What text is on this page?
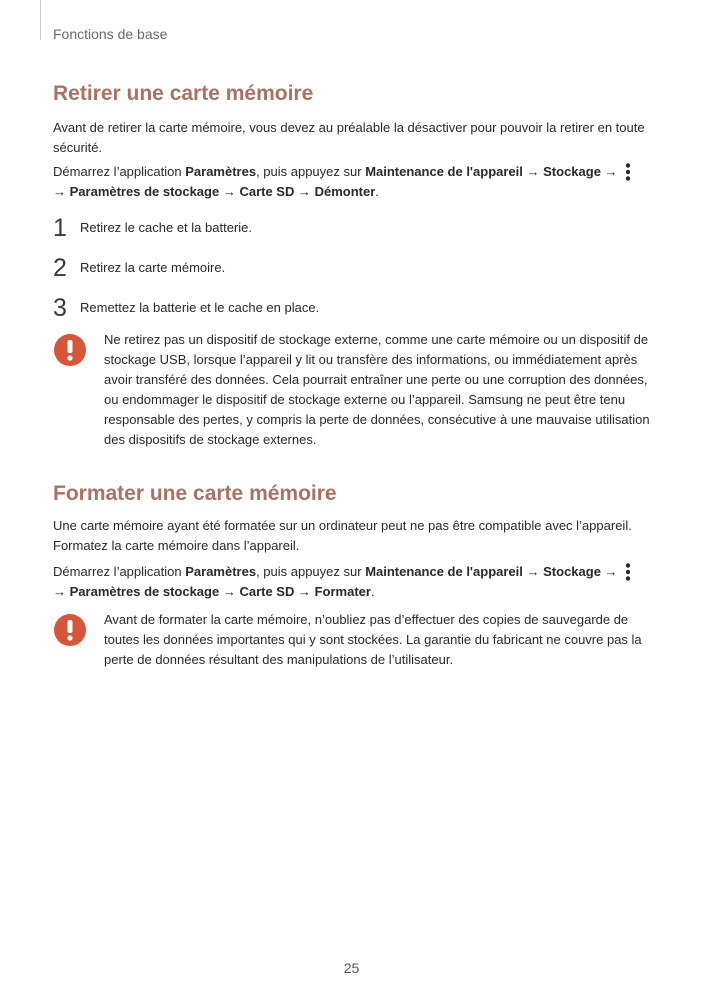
Fonctions de base
Retirer une carte mémoire
Avant de retirer la carte mémoire, vous devez au préalable la désactiver pour pouvoir la retirer en toute sécurité.
Démarrez l’application Paramètres, puis appuyez sur Maintenance de l'appareil → Stockage →

→ Paramètres de stockage → Carte SD → Démonter.
1 Retirez le cache et la batterie.
2 Retirez la carte mémoire.
3 Remettez la batterie et le cache en place.
Ne retirez pas un dispositif de stockage externe, comme une carte mémoire ou un dispositif de stockage USB, lorsque l’appareil y lit ou transfère des informations, ou immédiatement après avoir transféré des données. Cela pourrait entraîner une perte ou une corruption des données, ou endommager le dispositif de stockage externe ou l’appareil. Samsung ne peut être tenu responsable des pertes, y compris la perte de données, consécutive à une mauvaise utilisation des dispositifs de stockage externes.
Formater une carte mémoire
Une carte mémoire ayant été formatée sur un ordinateur peut ne pas être compatible avec l’appareil. Formatez la carte mémoire dans l’appareil.
Démarrez l’application Paramètres, puis appuyez sur Maintenance de l'appareil → Stockage →

→ Paramètres de stockage → Carte SD → Formater.
Avant de formater la carte mémoire, n’oubliez pas d’effectuer des copies de sauvegarde de toutes les données importantes qui y sont stockées. La garantie du fabricant ne couvre pas la perte de données résultant des manipulations de l’utilisateur.
25
